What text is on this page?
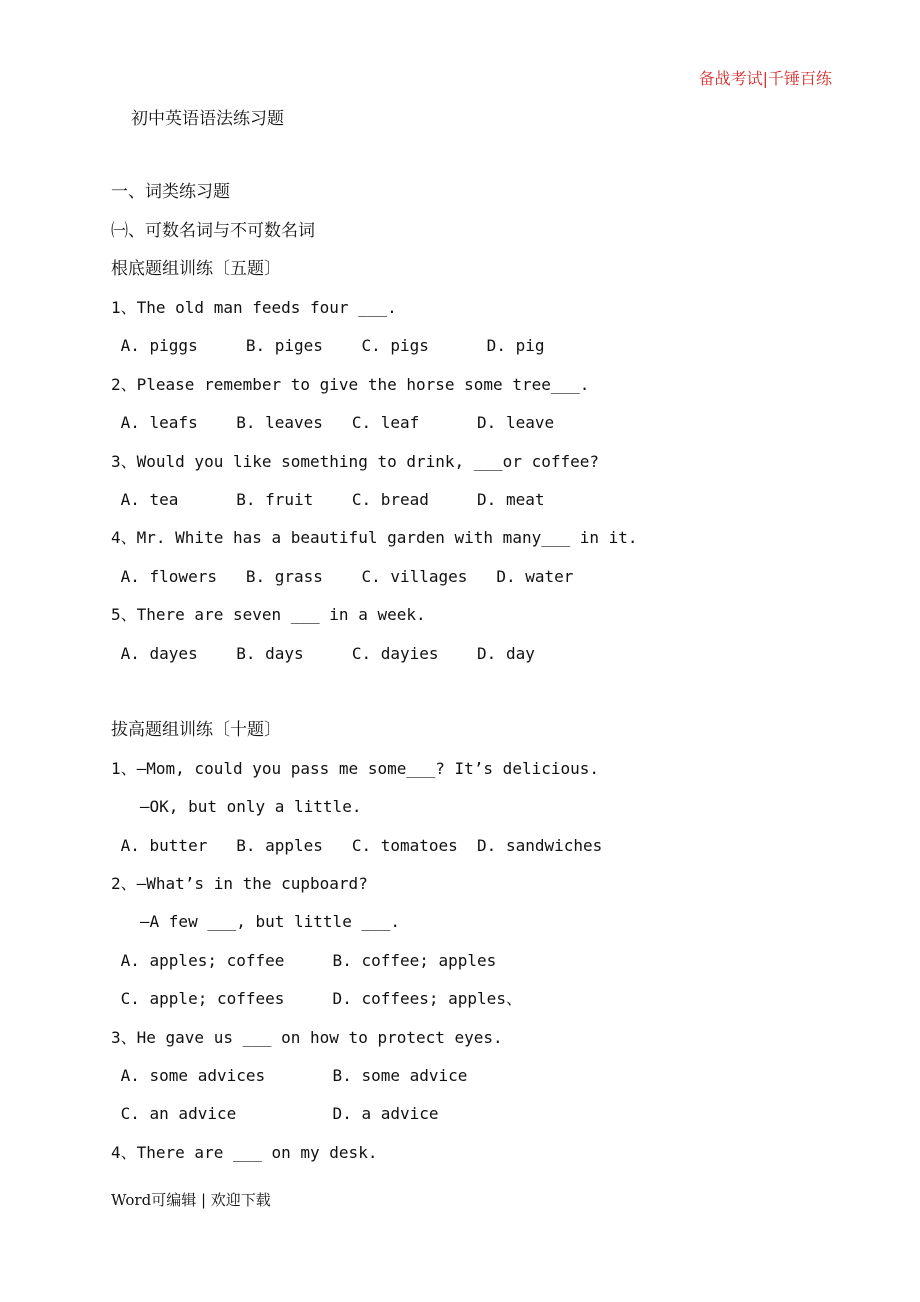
备战考试|千锤百练
初中英语语法练习题
一、词类练习题
㈠、可数名词与不可数名词
根底题组训练〔五题〕
1、The old man feeds four ___.
A. piggs     B. piges    C. pigs      D. pig
2、Please remember to give the horse some tree___.
A. leafs    B. leaves   C. leaf      D. leave
3、Would you like something to drink, ___or coffee?
A. tea      B. fruit    C. bread     D. meat
4、Mr. White has a beautiful garden with many___ in it.
A. flowers   B. grass    C. villages   D. water
5、There are seven ___ in a week.
A. dayes    B. days     C. dayies    D. day
拔高题组训练〔十题〕
1、—Mom, could you pass me some___? It’s delicious.
—OK, but only a little.
A. butter   B. apples   C. tomatoes  D. sandwiches
2、—What’s in the cupboard?
—A few ___, but little ___.
A. apples; coffee     B. coffee; apples
C. apple; coffees     D. coffees; apples、
3、He gave us ___ on how to protect eyes.
A. some advices       B. some advice
C. an advice          D. a advice
4、There are ___ on my desk.
Word可编辑 | 欢迎下载
